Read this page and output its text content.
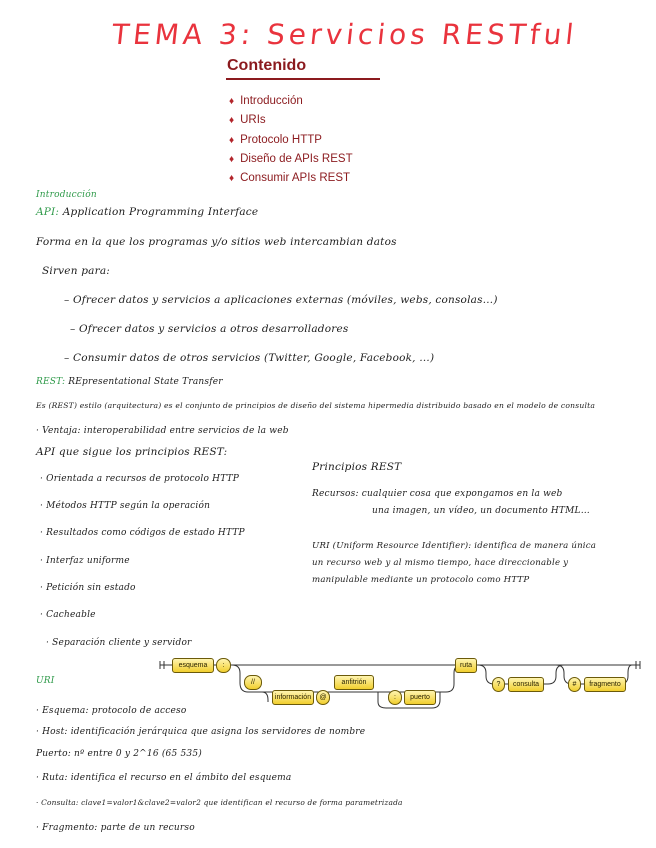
TEMA 3: Servicios RESTful
Contenido
♦ Introducción
♦ URIs
♦ Protocolo HTTP
♦ Diseño de APIs REST
♦ Consumir APIs REST
Introducción
API: Application Programming Interface
Forma en la que los programas y/o sitios web intercambian datos
Sirven para:
– Ofrecer datos y servicios a aplicaciones externas (móviles, webs, consolas…)
– Ofrecer datos y servicios a otros desarrolladores
– Consumir datos de otros servicios (Twitter, Google, Facebook, …)
REST: REpresentational State Transfer
Es (REST) estilo (arquitectura) es el conjunto de principios de diseño del sistema hipermedia distribuido basado en el modelo de consulta
· Ventaja: interoperabilidad entre servicios de la web
API que sigue los principios REST:
· Orientada a recursos de protocolo HTTP
· Métodos HTTP según la operación
· Resultados como códigos de estado HTTP
· Interfaz uniforme
· Petición sin estado
· Cacheable
· Separación cliente y servidor
Principios REST
Recursos: cualquier cosa que expongamos en la web
una imagen, un vídeo, un documento HTML…
URI (Uniform Resource Identifier): identifica de manera única
un recurso web y al mismo tiempo, hace direccionable y
manipulable mediante un protocolo como HTTP
esquema	:
//
información	@
anfitrión
:	puerto
ruta
?	consulta	#	fragmento
URI
· Esquema: protocolo de acceso
· Host: identificación jerárquica que asigna los servidores de nombre
Puerto: nº entre 0 y 2^16 (65 535)
· Ruta: identifica el recurso en el ámbito del esquema
· Consulta: clave1=valor1&clave2=valor2 que identifican el recurso de forma parametrizada
· Fragmento: parte de un recurso
